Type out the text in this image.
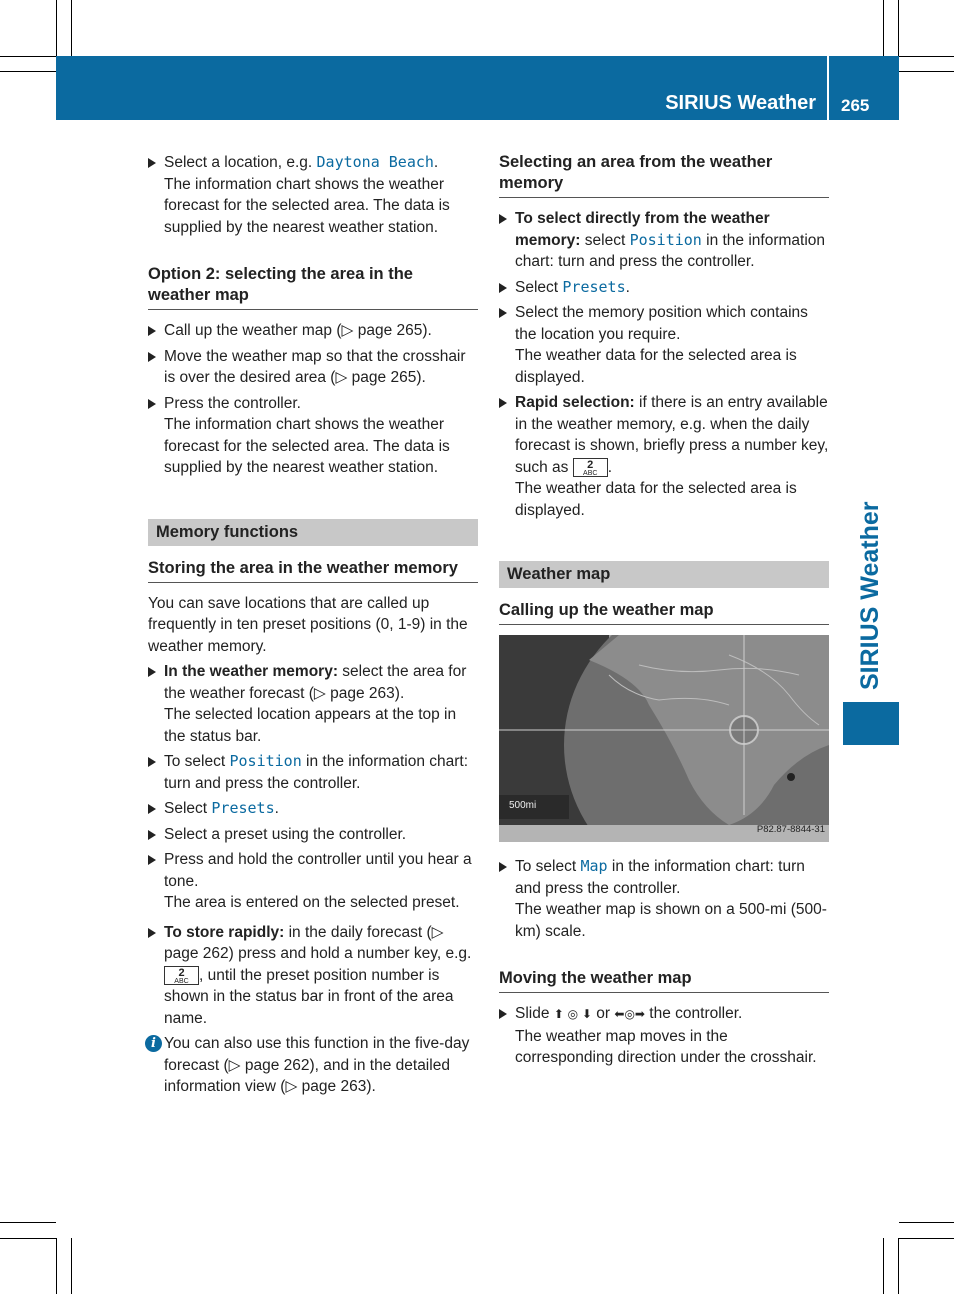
SIRIUS Weather 265
SIRIUS Weather
Select a location, e.g. Daytona Beach.
The information chart shows the weather forecast for the selected area. The data is supplied by the nearest weather station.
Option 2: selecting the area in the weather map
Call up the weather map (▷ page 265).
Move the weather map so that the crosshair is over the desired area (▷ page 265).
Press the controller.
The information chart shows the weather forecast for the selected area. The data is supplied by the nearest weather station.
Memory functions
Storing the area in the weather memory

You can save locations that are called up frequently in ten preset positions (0, 1-9) in the weather memory.

In the weather memory: select the area for the weather forecast (▷ page 263).
The selected location appears at the top in the status bar.
To select Position in the information chart: turn and press the controller.
Select Presets.
Select a preset using the controller.
Press and hold the controller until you hear a tone.
The area is entered on the selected preset.
To store rapidly: in the daily forecast (▷ page 262) press and hold a number key, e.g.
2
ABC , until the preset position number is shown in the status bar in front of the area name.
i You can also use this function in the five-day forecast (▷ page 262), and in the detailed information view (▷ page 263).
Selecting an area from the weather memory
To select directly from the weather memory: select Position in the information chart: turn and press the controller.
Select Presets.
Select the memory position which contains the location you require.
The weather data for the selected area is displayed.
Rapid selection: if there is an entry available in the weather memory, e.g. when the daily forecast is shown, briefly press a number key, such as	2
ABC .
The weather data for the selected area is displayed.
Weather map
Calling up the weather map
500mi
P82.87-8844-31
To select Map in the information chart: turn and press the controller.
The weather map is shown on a 500-mi (500-km) scale.
Moving the weather map
Slide ⬆ ◎ ⬇ or ⬅◎➡ the controller.
The weather map moves in the corresponding direction under the crosshair.
